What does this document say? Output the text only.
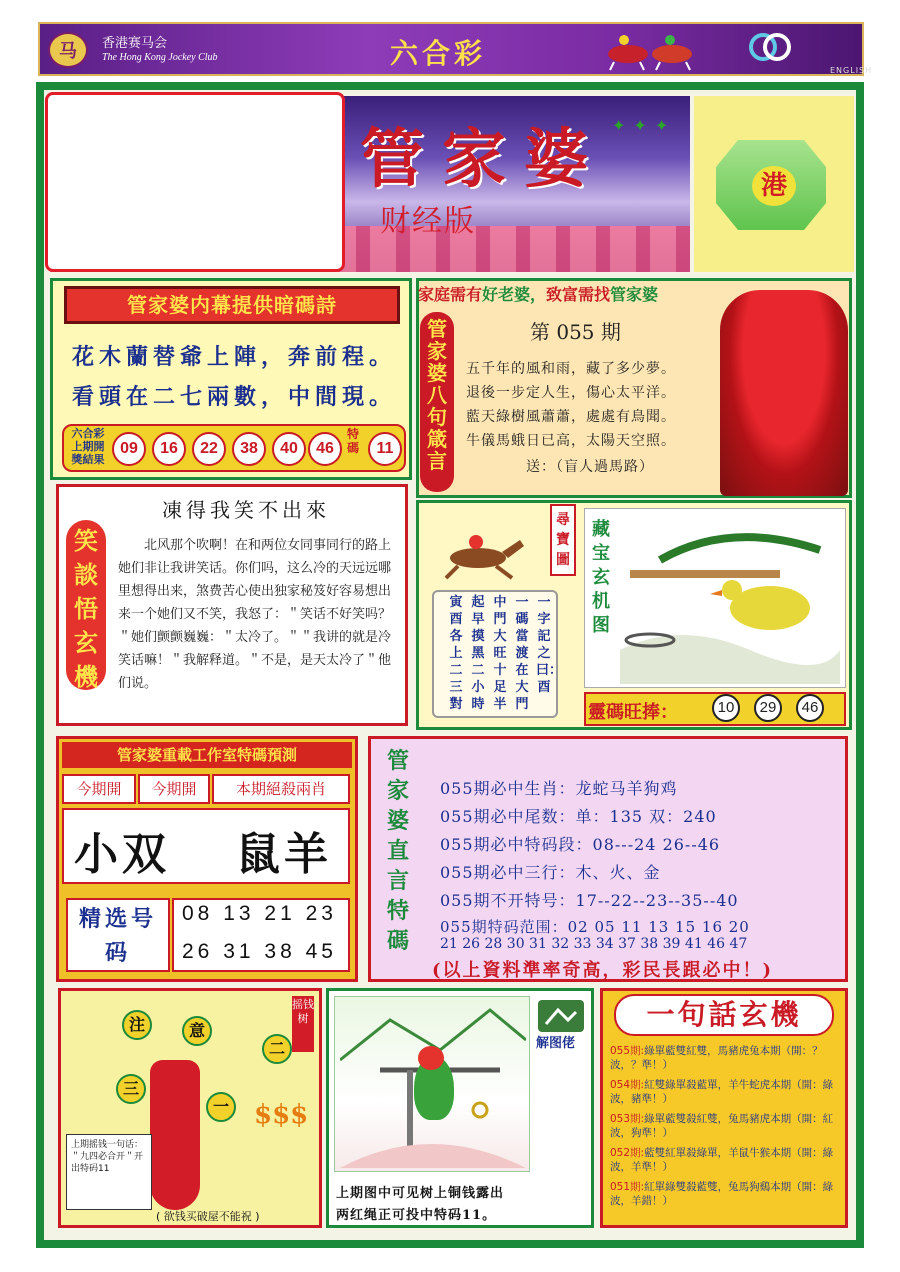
马	香港赛马会
The Hong Kong Jockey Club	六合彩
ENGLISH
管家婆
财经版
✦✦✦
港
管家婆内幕提供暗碼詩
花木蘭替爺上陣，奔前程。
看頭在二七兩數，中間現。
六合彩
上期開
獎結果
09	16	22	38	40	46
特碼	11
家庭需有好老婆，致富需找管家婆
管家婆八句箴言
第 055 期
五千年的風和雨，藏了多少夢。
退後一步定人生，傷心太平洋。
藍天綠樹風蕭蕭，處處有鳥聞。
牛儀馬蛾日已高，太陽天空照。
送：（盲人過馬路）
笑談悟玄機
凍得我笑不出來
北风那个吹啊！在和两位女同事同行的路上她们非让我讲笑话。你们吗，这么冷的天远远哪里想得出来，煞费苦心使出独家秘笈好容易想出来一个她们又不笑，我怒了：＂笑话不好笑吗？＂她们颤颤巍巍：＂太冷了。＂＂我讲的就是冷笑话嘛！＂我解释道。＂不是，是天太冷了＂他们说。
尋寶圖
一字記之曰：酉
一碼當渡在大門
中門大旺十足半
起早摸黑二小時
寅酉各上二三對
藏宝玄机图
靈碼旺捧：	10	29	46
管家婆重載工作室特碼預測
今期開	今期開	本期絕殺兩肖
小双 鼠羊
精选号码
08 13 21 23
26 31 38 45
管家婆直言特碼
055期必中生肖：龙蛇马羊狗鸡
055期必中尾数：单：135 双：240
055期必中特码段：08---24 26--46
055期必中三行：木、火、金
055期不开特号：17--22--23--35--40
055期特码范围：02 05 11 13 15 16 20
21 26 28 30 31 32 33 34 37 38 39 41 46 47
(以上資料準率奇高，彩民長跟必中！)
注	意
二
三
一
摇钱树
$$$
上期摇钱一句话：＂九四必合开＂开出特码11
( 欲钱买破屋不能祝 )
解图佬
上期图中可见树上铜钱露出
两红绳正可投中特码11。
一句話玄機
055期:綠單藍雙紅雙，馬豬虎兔本期（開：？波，？準！）
054期:紅雙綠單殺藍單，羊牛蛇虎本期（開：綠波，豬準！）
053期:綠單藍雙殺紅雙，兔馬豬虎本期（開：紅波，狗準！）
052期:藍雙紅單殺綠單，羊鼠牛猴本期（開：綠波，羊準！）
051期:紅單綠雙殺藍雙，兔馬狗鷄本期（開：綠波，羊錯！）
